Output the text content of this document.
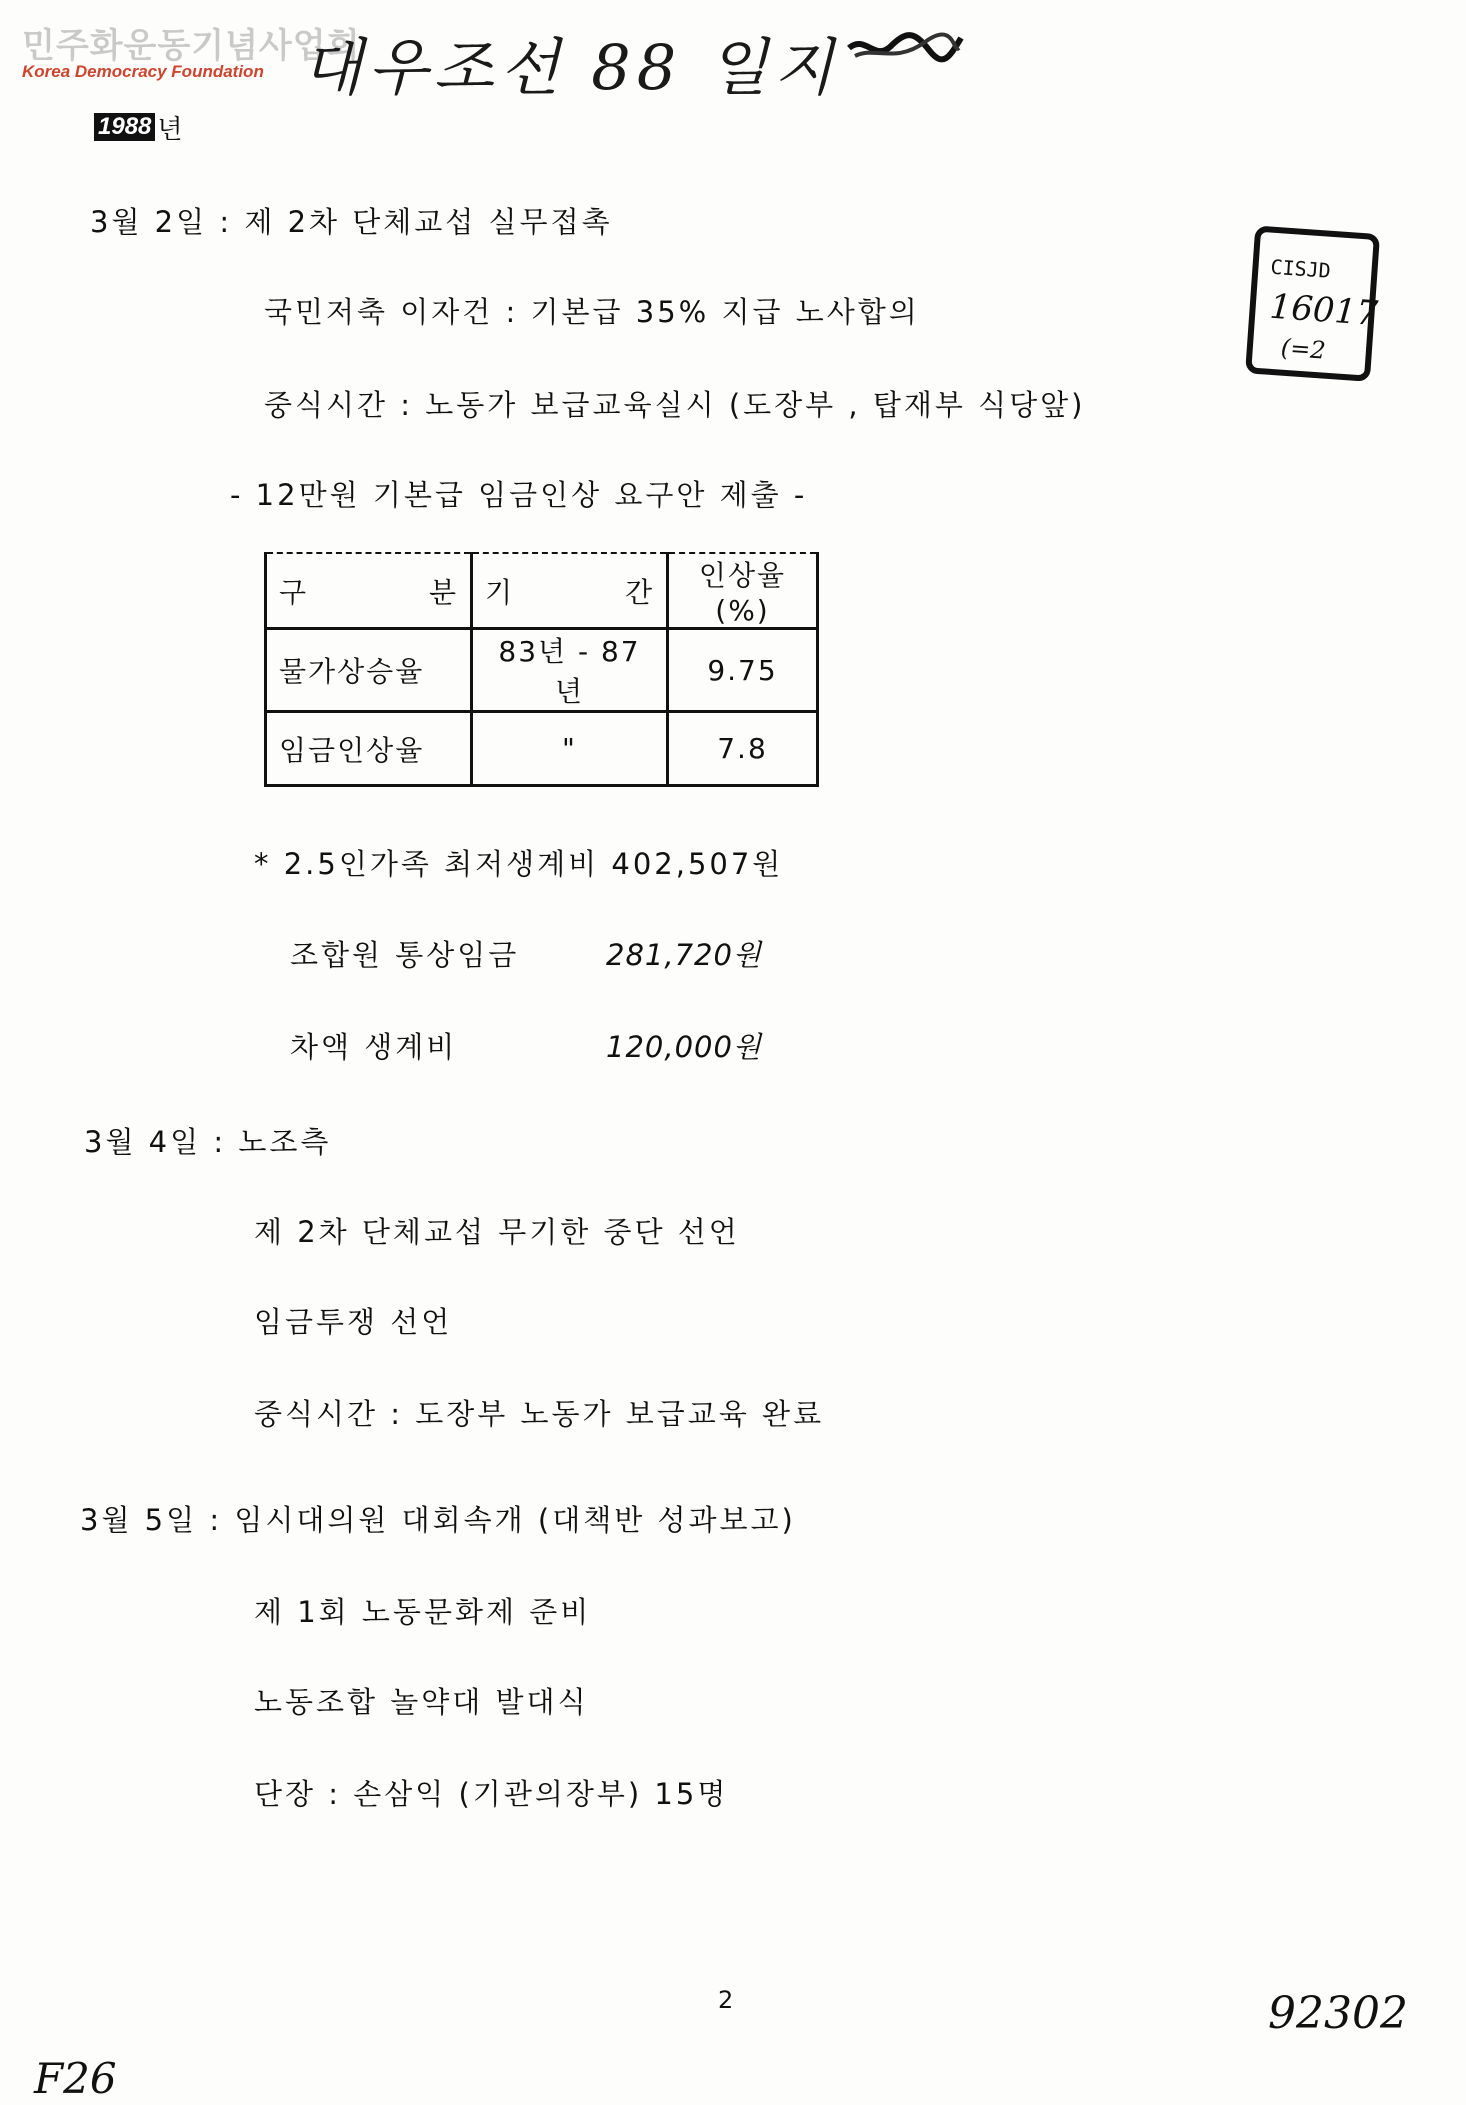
민주화운동기념사업회
Korea Democracy Foundation 대우조선 88 일지
1988 년
CISJD
16017
(=2
3월 2일 : 제 2차 단체교섭 실무접촉
국민저축 이자건 : 기본급 35% 지급 노사합의
중식시간 : 노동가 보급교육실시 (도장부 , 탑재부 식당앞)
- 12만원 기본급 임금인상 요구안 제출 -
구 분	기 간	인상율(%)
물가상승율	83년 - 87년	9.75
임금인상율	"	7.8
* 2.5인가족 최저생계비 402,507원
조합원 통상임금	281,720원
차액 생계비	120,000원
3월 4일 : 노조측
제 2차 단체교섭 무기한 중단 선언
임금투쟁 선언
중식시간 : 도장부 노동가 보급교육 완료
3월 5일 : 임시대의원 대회속개 (대책반 성과보고)
제 1회 노동문화제 준비
노동조합 놀약대 발대식
단장 : 손삼익 (기관의장부) 15명
2	92302
F26
